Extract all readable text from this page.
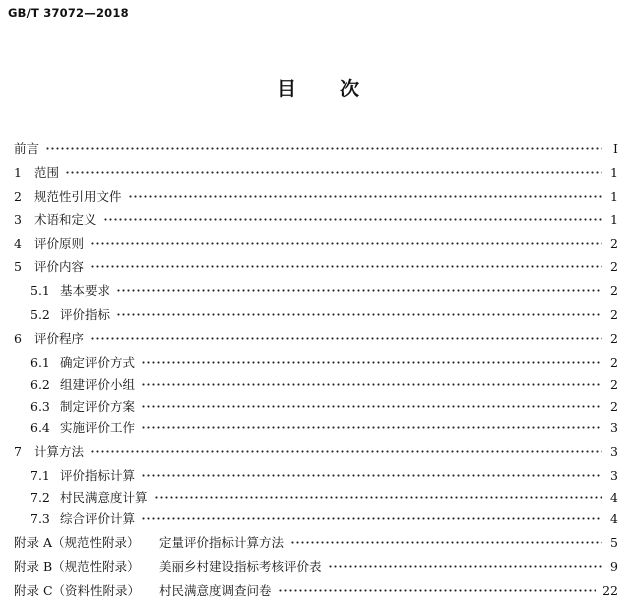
GB/T 37072—2018
目 次
前言	I
1 范围	1
2 规范性引用文件	1
3 术语和定义	1
4 评价原则	2
5 评价内容	2
5.1 基本要求	2
5.2 评价指标	2
6 评价程序	2
6.1 确定评价方式	2
6.2 组建评价小组	2
6.3 制定评价方案	2
6.4 实施评价工作	3
7 计算方法	3
7.1 评价指标计算	3
7.2 村民满意度计算	4
7.3 综合评价计算	4
附录 A（规范性附录）	定量评价指标计算方法	5
附录 B（规范性附录）	美丽乡村建设指标考核评价表	9
附录 C（资料性附录）	村民满意度调查问卷	22
